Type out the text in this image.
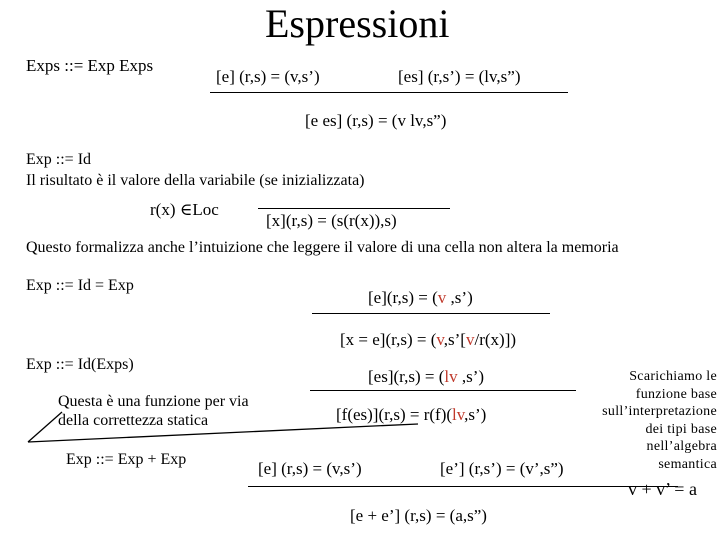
Espressioni
Exps ::= Exp Exps
[e] (r,s) = (v,s’)	[es] (r,s’) = (lv,s”)
[e es] (r,s) = (v lv,s”)
Exp ::= Id
Il risultato è il valore della variabile (se inizializzata)
r(x) ∈Loc
[x](r,s) = (s(r(x)),s)
Questo formalizza anche l’intuizione che leggere il valore di una cella non altera la memoria
Exp ::= Id = Exp
[e](r,s) = (v ,s’)
[x = e](r,s) = (v,s’[v/r(x)])
Exp ::= Id(Exps)
[es](r,s) = (lv ,s’)
[f(es)](r,s) = r(f)(lv,s’)
Questa è una funzione per via della correttezza statica
Exp ::= Exp + Exp	[e] (r,s) = (v,s’)	[e’] (r,s’) = (v’,s”)
[e + e’] (r,s) = (a,s”)
Scarichiamo le
funzione base
sull’interpretazione
dei tipi base
nell’algebra
semantica
v + v’ = a
